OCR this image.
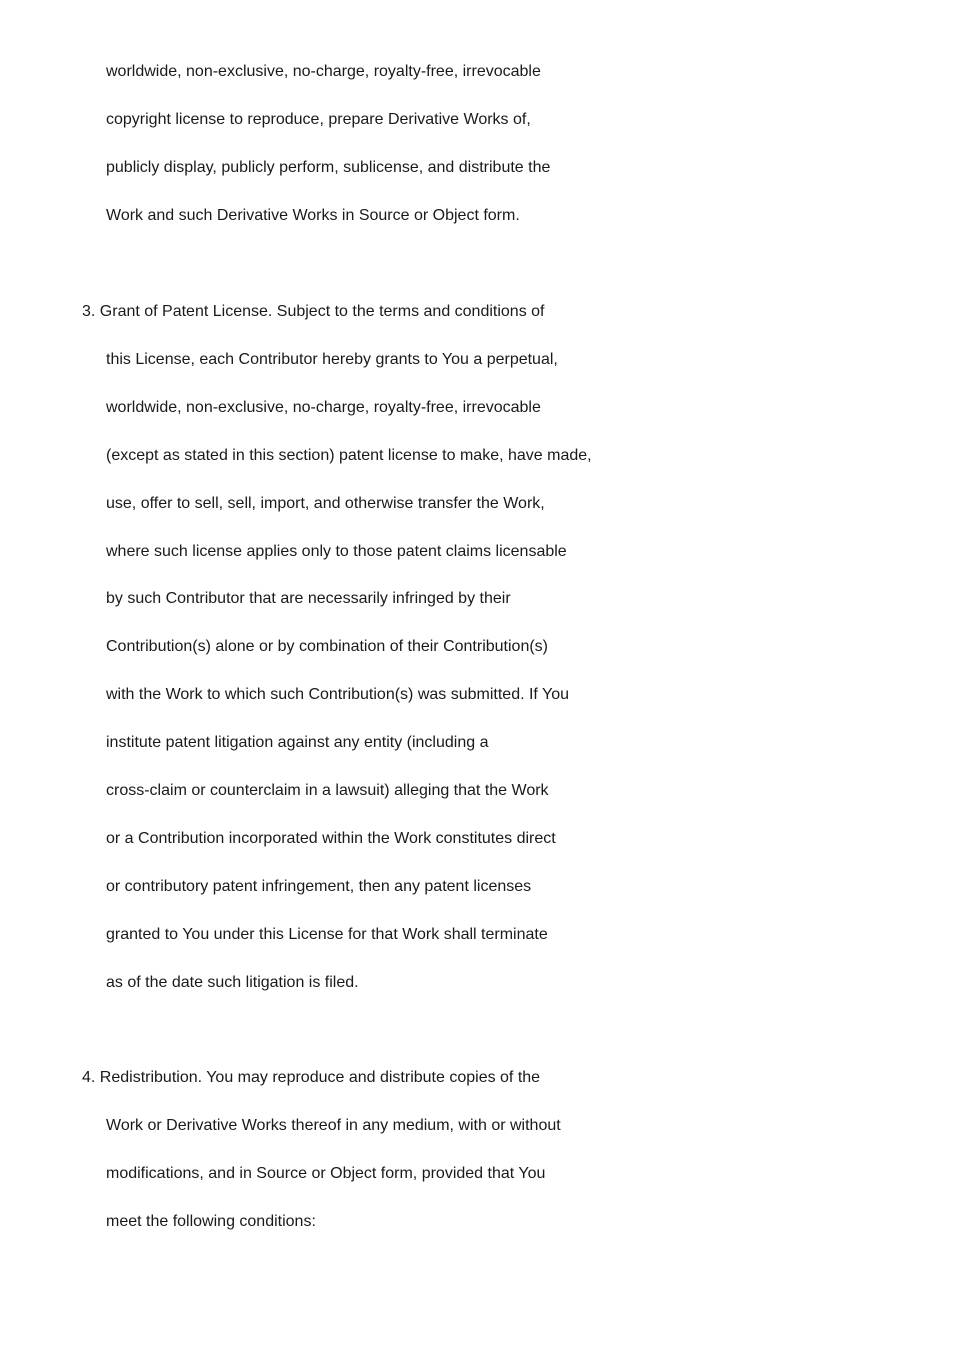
worldwide, non-exclusive, no-charge, royalty-free, irrevocable
copyright license to reproduce, prepare Derivative Works of,
publicly display, publicly perform, sublicense, and distribute the
Work and such Derivative Works in Source or Object form.
3. Grant of Patent License. Subject to the terms and conditions of
this License, each Contributor hereby grants to You a perpetual,
worldwide, non-exclusive, no-charge, royalty-free, irrevocable
(except as stated in this section) patent license to make, have made,
use, offer to sell, sell, import, and otherwise transfer the Work,
where such license applies only to those patent claims licensable
by such Contributor that are necessarily infringed by their
Contribution(s) alone or by combination of their Contribution(s)
with the Work to which such Contribution(s) was submitted. If You
institute patent litigation against any entity (including a
cross-claim or counterclaim in a lawsuit) alleging that the Work
or a Contribution incorporated within the Work constitutes direct
or contributory patent infringement, then any patent licenses
granted to You under this License for that Work shall terminate
as of the date such litigation is filed.
4. Redistribution. You may reproduce and distribute copies of the
Work or Derivative Works thereof in any medium, with or without
modifications, and in Source or Object form, provided that You
meet the following conditions:
